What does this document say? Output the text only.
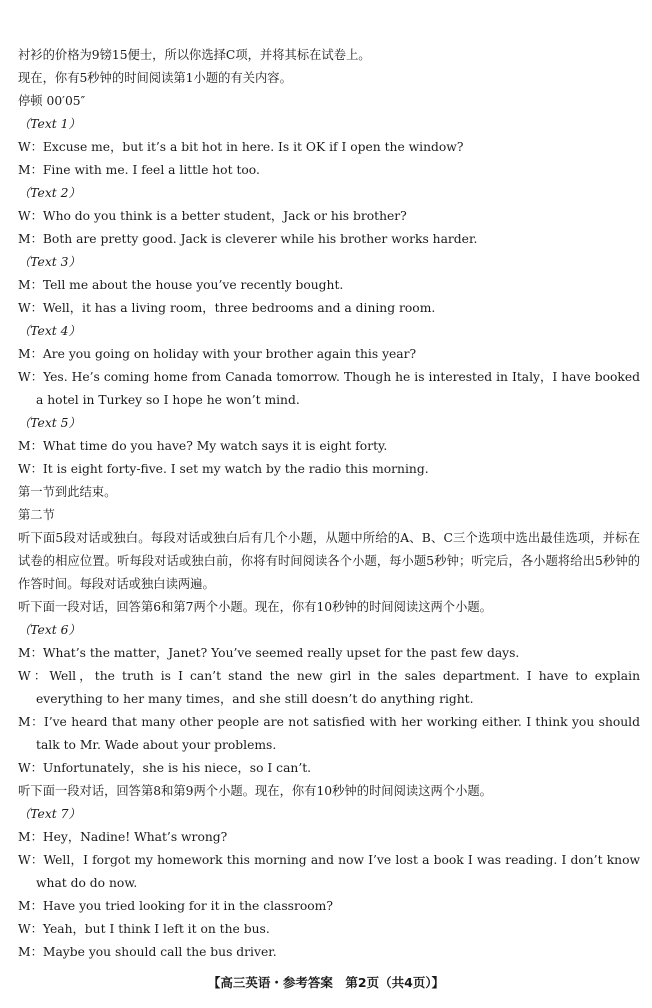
衬衫的价格为9镑15便士，所以你选择C项，并将其标在试卷上。
现在，你有5秒钟的时间阅读第1小题的有关内容。
停顿 00′05″
（Text 1）
W：Excuse me，but it’s a bit hot in here. Is it OK if I open the window?
M：Fine with me. I feel a little hot too.
（Text 2）
W：Who do you think is a better student，Jack or his brother?
M：Both are pretty good. Jack is cleverer while his brother works harder.
（Text 3）
M：Tell me about the house you’ve recently bought.
W：Well，it has a living room，three bedrooms and a dining room.
（Text 4）
M：Are you going on holiday with your brother again this year?
W：Yes. He’s coming home from Canada tomorrow. Though he is interested in Italy，I have booked a hotel in Turkey so I hope he won’t mind.
（Text 5）
M：What time do you have? My watch says it is eight forty.
W：It is eight forty-five. I set my watch by the radio this morning.
第一节到此结束。
第二节
听下面5段对话或独白。每段对话或独白后有几个小题，从题中所给的A、B、C三个选项中选出最佳选项，并标在试卷的相应位置。听每段对话或独白前，你将有时间阅读各个小题，每小题5秒钟；听完后，各小题将给出5秒钟的作答时间。每段对话或独白读两遍。
听下面一段对话，回答第6和第7两个小题。现在，你有10秒钟的时间阅读这两个小题。
（Text 6）
M：What’s the matter，Janet? You’ve seemed really upset for the past few days.
W：Well，the truth is I can’t stand the new girl in the sales department. I have to explain everything to her many times，and she still doesn’t do anything right.
M：I’ve heard that many other people are not satisfied with her working either. I think you should talk to Mr. Wade about your problems.
W：Unfortunately，she is his niece，so I can’t.
听下面一段对话，回答第8和第9两个小题。现在，你有10秒钟的时间阅读这两个小题。
（Text 7）
M：Hey，Nadine! What’s wrong?
W：Well，I forgot my homework this morning and now I’ve lost a book I was reading. I don’t know what do do now.
M：Have you tried looking for it in the classroom?
W：Yeah，but I think I left it on the bus.
M：Maybe you should call the bus driver.
【高三英语・参考答案　第2页（共4页）】
